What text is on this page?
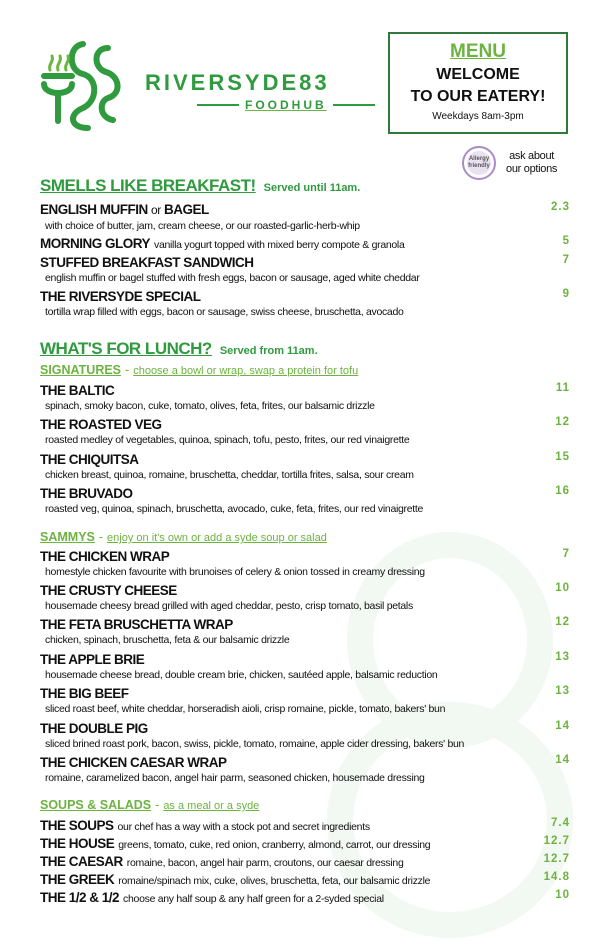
RIVERSYDE83
FOODHUB
MENU
WELCOME
TO OUR EATERY!
Weekdays 8am-3pm
Allergy
friendly
ask about
our options
SMELLS LIKE BREAKFAST! Served until 11am.
ENGLISH MUFFIN or BAGEL	2.3
with choice of butter, jam, cream cheese, or our roasted-garlic-herb-whip
MORNING GLORY vanilla yogurt topped with mixed berry compote & granola	5
STUFFED BREAKFAST SANDWICH	7
english muffin or bagel stuffed with fresh eggs, bacon or sausage, aged white cheddar
THE RIVERSYDE SPECIAL	9
tortilla wrap filled with eggs, bacon or sausage, swiss cheese, bruschetta, avocado
WHAT'S FOR LUNCH? Served from 11am.
SIGNATURES - choose a bowl or wrap, swap a protein for tofu
THE BALTIC	11
spinach, smoky bacon, cuke, tomato, olives, feta, frites, our balsamic drizzle
THE ROASTED VEG	12
roasted medley of vegetables, quinoa, spinach, tofu, pesto, frites, our red vinaigrette
THE CHIQUITSA	15
chicken breast, quinoa, romaine, bruschetta, cheddar, tortilla frites, salsa, sour cream
THE BRUVADO	16
roasted veg, quinoa, spinach, bruschetta, avocado, cuke, feta, frites, our red vinaigrette
SAMMYS - enjoy on it's own or add a syde soup or salad
THE CHICKEN WRAP	7
homestyle chicken favourite with brunoises of celery & onion tossed in creamy dressing
THE CRUSTY CHEESE	10
housemade cheesy bread grilled with aged cheddar, pesto, crisp tomato, basil petals
THE FETA BRUSCHETTA WRAP	12
chicken, spinach, bruschetta, feta & our balsamic drizzle
THE APPLE BRIE	13
housemade cheese bread, double cream brie, chicken, sautéed apple, balsamic reduction
THE BIG BEEF	13
sliced roast beef, white cheddar, horseradish aioli, crisp romaine, pickle, tomato, bakers' bun
THE DOUBLE PIG	14
sliced brined roast pork, bacon, swiss, pickle, tomato, romaine, apple cider dressing, bakers' bun
THE CHICKEN CAESAR WRAP	14
romaine, caramelized bacon, angel hair parm, seasoned chicken, housemade dressing
SOUPS & SALADS - as a meal or a syde
THE SOUPS our chef has a way with a stock pot and secret ingredients	7.4
THE HOUSE greens, tomato, cuke, red onion, cranberry, almond, carrot, our dressing	12.7
THE CAESAR romaine, bacon, angel hair parm, croutons, our caesar dressing	12.7
THE GREEK romaine/spinach mix, cuke, olives, bruschetta, feta, our balsamic drizzle	14.8
THE 1/2 & 1/2 choose any half soup & any half green for a 2-syded special	10
